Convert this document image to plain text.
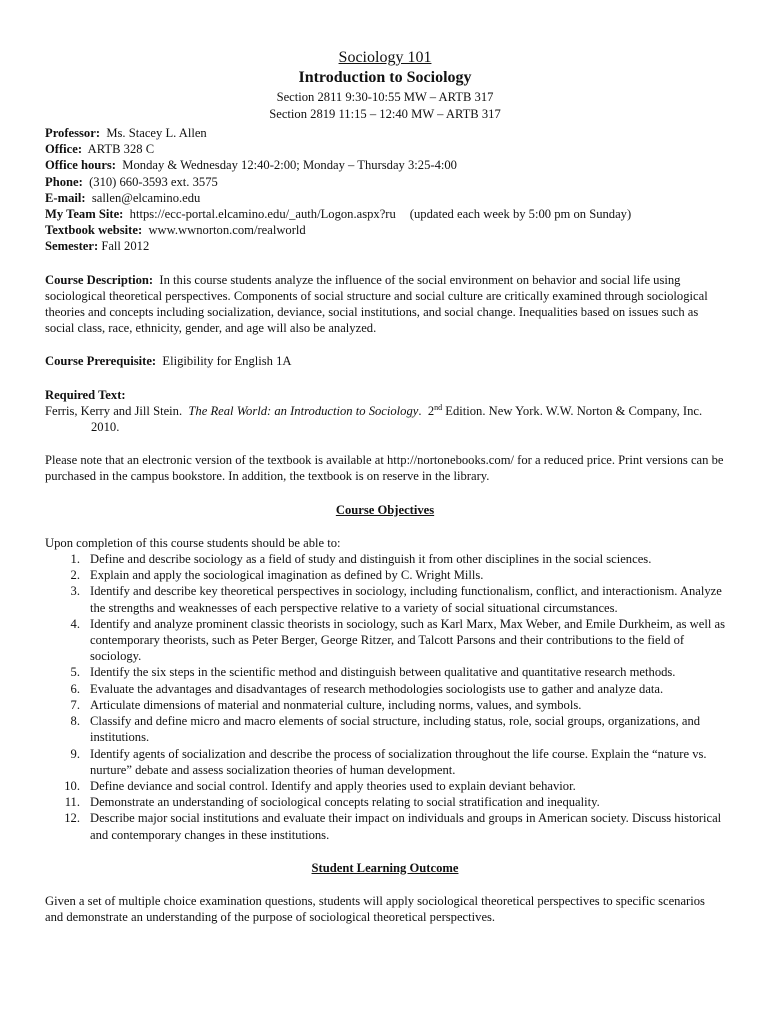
Sociology 101
Introduction to Sociology
Section 2811 9:30-10:55 MW – ARTB 317
Section 2819 11:15 – 12:40 MW – ARTB 317
Professor: Ms. Stacey L. Allen
Office: ARTB 328 C
Office hours: Monday & Wednesday 12:40-2:00; Monday – Thursday 3:25-4:00
Phone: (310) 660-3593 ext. 3575
E-mail: sallen@elcamino.edu
My Team Site: https://ecc-portal.elcamino.edu/_auth/Logon.aspx?ru (updated each week by 5:00 pm on Sunday)
Textbook website: www.wwnorton.com/realworld
Semester: Fall 2012

Course Description: In this course students analyze the influence of the social environment on behavior and social life using sociological theoretical perspectives. Components of social structure and social culture are critically examined through sociological theories and concepts including socialization, deviance, social institutions, and social change. Inequalities based on issues such as social class, race, ethnicity, gender, and age will also be analyzed.

Course Prerequisite: Eligibility for English 1A

Required Text:

Ferris, Kerry and Jill Stein. The Real World: an Introduction to Sociology.  2nd Edition. New York. W.W. Norton & Company, Inc. 2010.

Please note that an electronic version of the textbook is available at http://nortonebooks.com/ for a reduced price. Print versions can be purchased in the campus bookstore. In addition, the textbook is on reserve in the library.

Course Objectives

Upon completion of this course students should be able to:

1. Define and describe sociology as a field of study and distinguish it from other disciplines in the social sciences.
2. Explain and apply the sociological imagination as defined by C. Wright Mills.
3. Identify and describe key theoretical perspectives in sociology, including functionalism, conflict, and interactionism. Analyze the strengths and weaknesses of each perspective relative to a variety of social situational circumstances.
4. Identify and analyze prominent classic theorists in sociology, such as Karl Marx, Max Weber, and Emile Durkheim, as well as contemporary theorists, such as Peter Berger, George Ritzer, and Talcott Parsons and their contributions to the field of sociology.
5. Identify the six steps in the scientific method and distinguish between qualitative and quantitative research methods.
6. Evaluate the advantages and disadvantages of research methodologies sociologists use to gather and analyze data.
7. Articulate dimensions of material and nonmaterial culture, including norms, values, and symbols.
8. Classify and define micro and macro elements of social structure, including status, role, social groups, organizations, and institutions.
9. Identify agents of socialization and describe the process of socialization throughout the life course. Explain the “nature vs. nurture” debate and assess socialization theories of human development.
10. Define deviance and social control. Identify and apply theories used to explain deviant behavior.
11. Demonstrate an understanding of sociological concepts relating to social stratification and inequality.
12. Describe major social institutions and evaluate their impact on individuals and groups in American society. Discuss historical and contemporary changes in these institutions.

Student Learning Outcome

Given a set of multiple choice examination questions, students will apply sociological theoretical perspectives to specific scenarios and demonstrate an understanding of the purpose of sociological theoretical perspectives.
